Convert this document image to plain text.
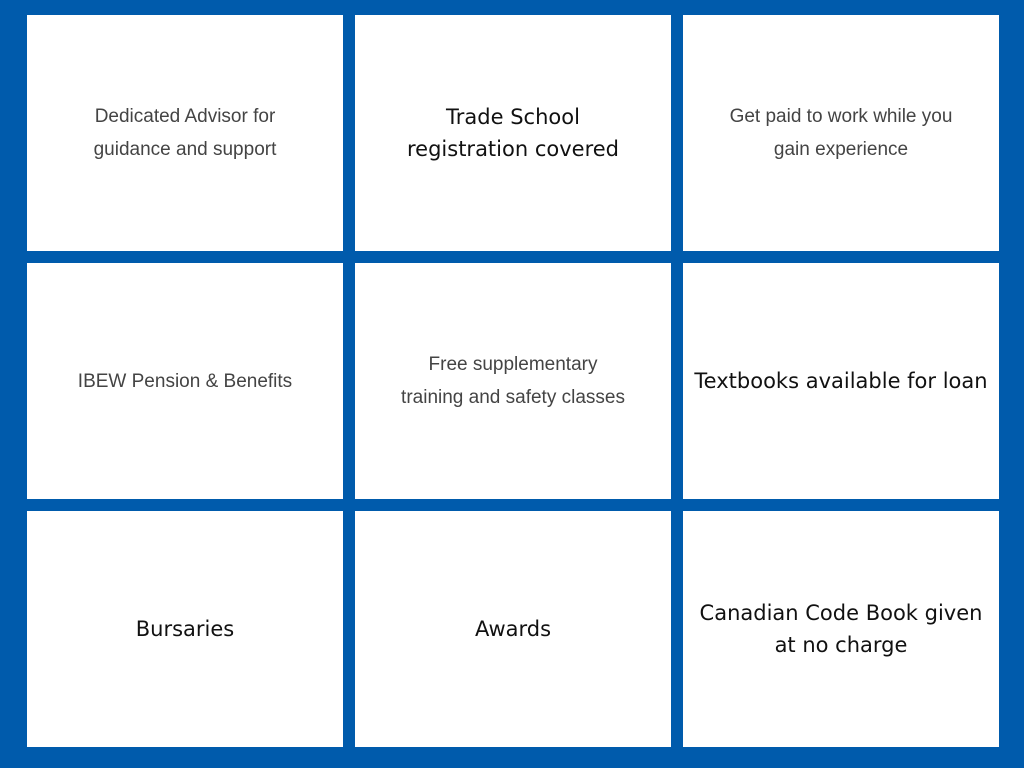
Dedicated Advisor for
guidance and support
Trade School
registration covered
Get paid to work while you
gain experience
IBEW Pension & Benefits
Free supplementary
training and safety classes
Textbooks available for loan
Bursaries	Awards
Canadian Code Book given
at no charge
